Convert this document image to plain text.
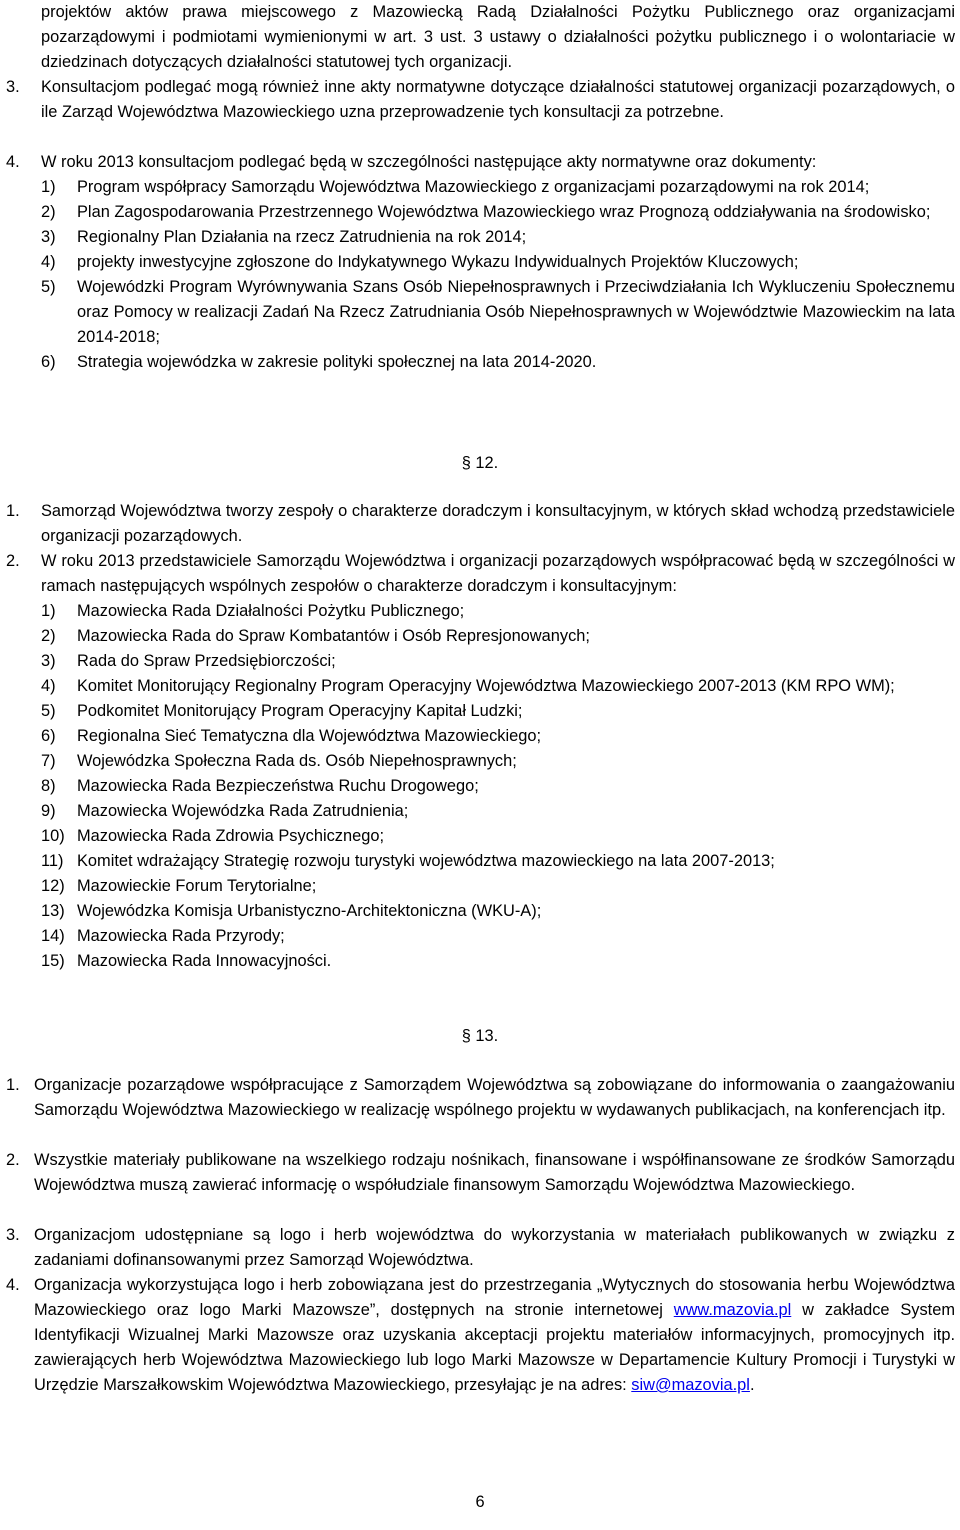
projektów aktów prawa miejscowego z Mazowiecką Radą Działalności Pożytku Publicznego oraz organizacjami pozarządowymi i podmiotami wymienionymi w art. 3 ust. 3 ustawy o działalności pożytku publicznego i o wolontariacie w dziedzinach dotyczących działalności statutowej tych organizacji.

3. Konsultacjom podlegać mogą również inne akty normatywne dotyczące działalności statutowej organizacji pozarządowych, o ile Zarząd Województwa Mazowieckiego uzna przeprowadzenie tych konsultacji za potrzebne.

4. W roku 2013 konsultacjom podlegać będą w szczególności następujące akty normatywne oraz dokumenty:

1) Program współpracy Samorządu Województwa Mazowieckiego z organizacjami pozarządowymi na rok 2014;

2) Plan Zagospodarowania Przestrzennego Województwa Mazowieckiego wraz Prognozą oddziaływania na środowisko;

3) Regionalny Plan Działania na rzecz Zatrudnienia na rok 2014;

4) projekty inwestycyjne zgłoszone do Indykatywnego Wykazu Indywidualnych Projektów Kluczowych;

5) Wojewódzki Program Wyrównywania Szans Osób Niepełnosprawnych i Przeciwdziałania Ich Wykluczeniu Społecznemu oraz Pomocy w realizacji Zadań Na Rzecz Zatrudniania Osób Niepełnosprawnych w Województwie Mazowieckim na lata 2014-2018;

6) Strategia wojewódzka w zakresie polityki społecznej na lata 2014-2020.

§ 12.
1. Samorząd Województwa tworzy zespoły o charakterze doradczym i konsultacyjnym, w których skład wchodzą przedstawiciele organizacji pozarządowych.

2. W roku 2013 przedstawiciele Samorządu Województwa i organizacji pozarządowych współpracować będą w szczególności w ramach następujących wspólnych zespołów o charakterze doradczym i konsultacyjnym:

1) Mazowiecka Rada Działalności Pożytku Publicznego;

2) Mazowiecka Rada do Spraw Kombatantów i Osób Represjonowanych;

3) Rada do Spraw Przedsiębiorczości;

4) Komitet Monitorujący Regionalny Program Operacyjny Województwa Mazowieckiego 2007-2013 (KM RPO WM);

5) Podkomitet Monitorujący Program Operacyjny Kapitał Ludzki;

6) Regionalna Sieć Tematyczna dla Województwa Mazowieckiego;

7) Wojewódzka Społeczna Rada ds. Osób Niepełnosprawnych;

8) Mazowiecka Rada Bezpieczeństwa Ruchu Drogowego;

9) Mazowiecka Wojewódzka Rada Zatrudnienia;

10) Mazowiecka Rada Zdrowia Psychicznego;

11) Komitet wdrażający Strategię rozwoju turystyki województwa mazowieckiego na lata 2007-2013;

12) Mazowieckie Forum Terytorialne;

13) Wojewódzka Komisja Urbanistyczno-Architektoniczna (WKU-A);

14) Mazowiecka Rada Przyrody;

15) Mazowiecka Rada Innowacyjności.

§ 13.
1. Organizacje pozarządowe współpracujące z Samorządem Województwa są zobowiązane do informowania o zaangażowaniu Samorządu Województwa Mazowieckiego w realizację wspólnego projektu w wydawanych publikacjach, na konferencjach itp.

2. Wszystkie materiały publikowane na wszelkiego rodzaju nośnikach, finansowane i współfinansowane ze środków Samorządu Województwa muszą zawierać informację o współudziale finansowym Samorządu Województwa Mazowieckiego.

3. Organizacjom udostępniane są logo i herb województwa do wykorzystania w materiałach publikowanych w związku z zadaniami dofinansowanymi przez Samorząd Województwa.

4. Organizacja wykorzystująca logo i herb zobowiązana jest do przestrzegania „Wytycznych do stosowania herbu Województwa Mazowieckiego oraz logo Marki Mazowsze”, dostępnych na stronie internetowej www.mazovia.pl w zakładce System Identyfikacji Wizualnej Marki Mazowsze oraz uzyskania akceptacji projektu materiałów informacyjnych, promocyjnych itp. zawierających herb Województwa Mazowieckiego lub logo Marki Mazowsze w Departamencie Kultury Promocji i Turystyki w Urzędzie Marszałkowskim Województwa Mazowieckiego, przesyłając je na adres: siw@mazovia.pl.

6
